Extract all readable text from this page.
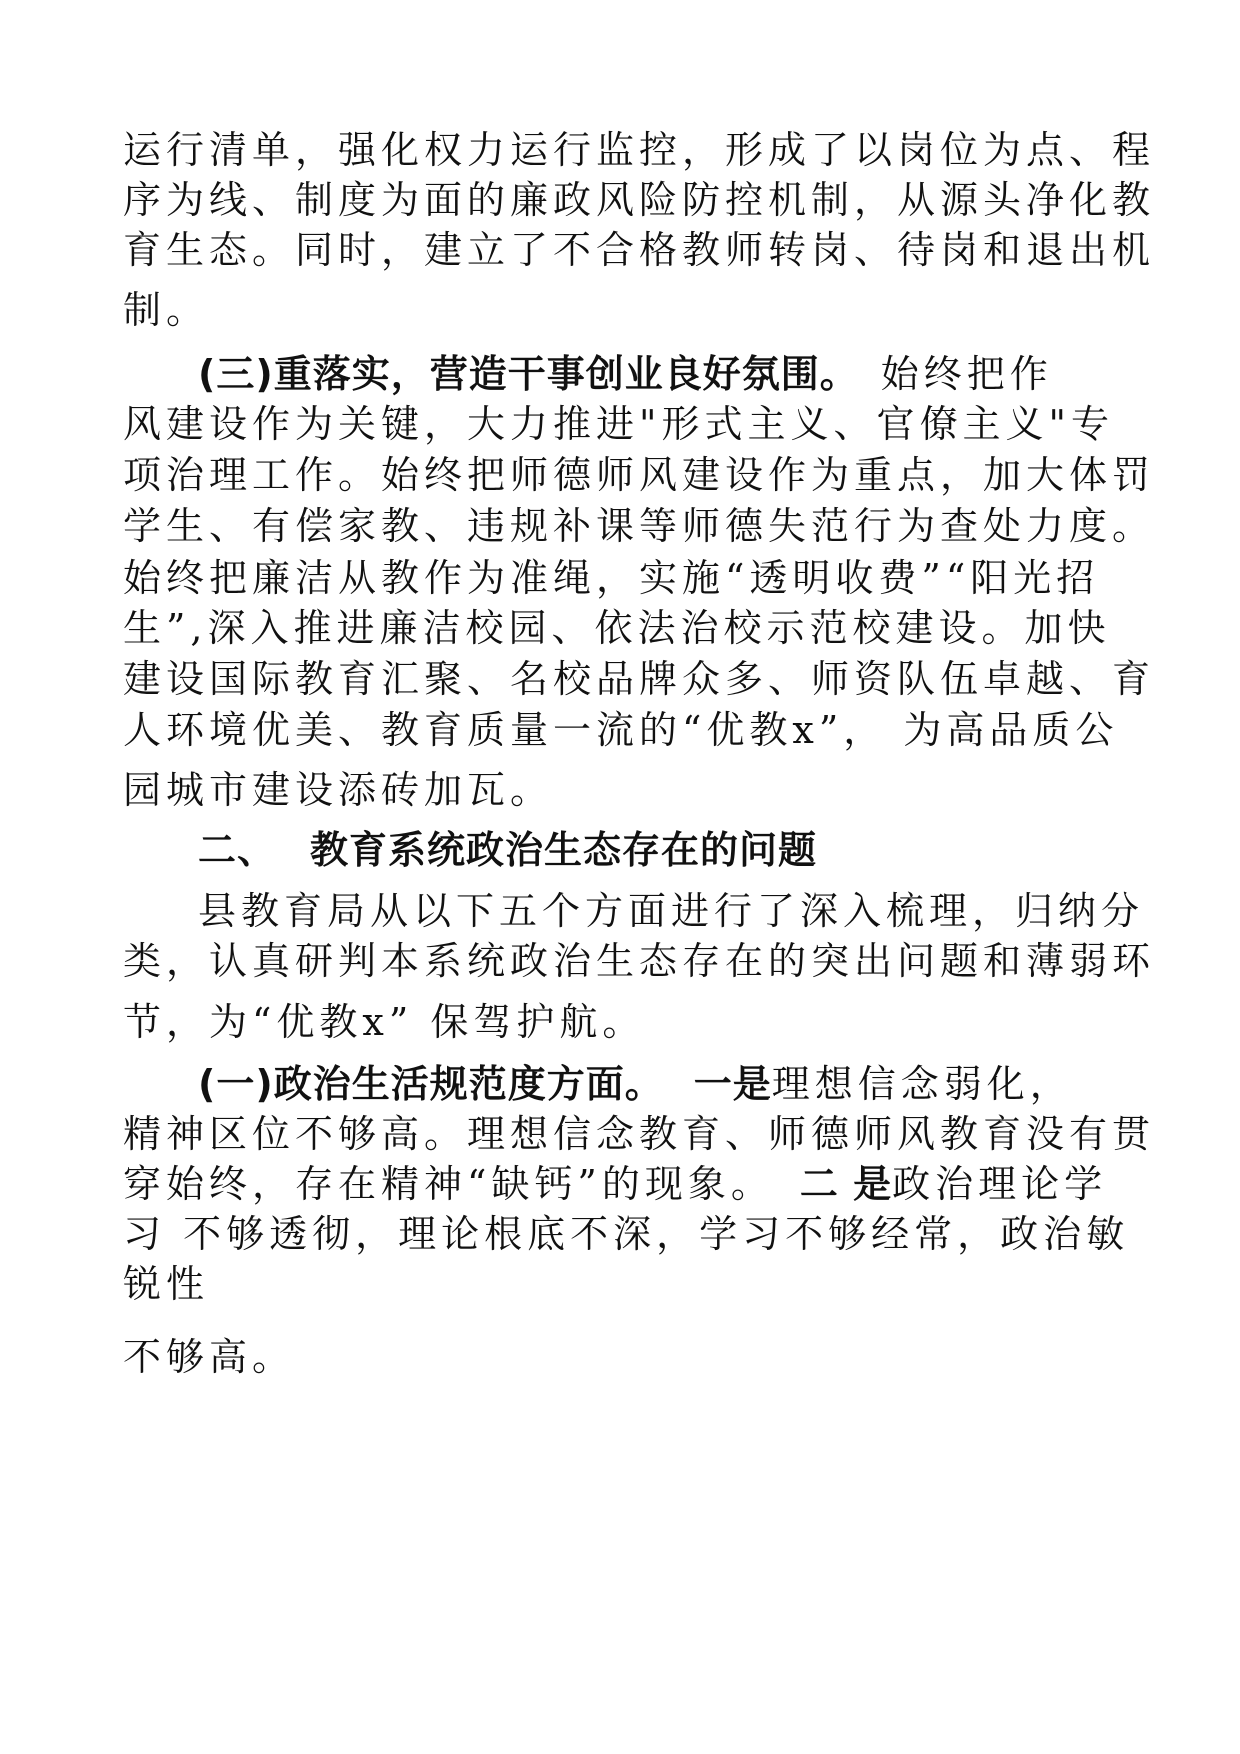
运行清单，强化权力运行监控，形成了以岗位为点、程
序为线、制度为面的廉政风险防控机制，从源头净化教
育生态。同时，建立了不合格教师转岗、待岗和退出机
制。
(三)重落实，营造干事创业良好氛围。 始终把作
风建设作为关键，大力推进"形式主义、官僚主义"专
项治理工作。始终把师德师风建设作为重点，加大体罚
学生、有偿家教、违规补课等师德失范行为查处力度。
始终把廉洁从教作为准绳，实施“透明收费”“阳光招
生”,深入推进廉洁校园、依法治校示范校建设。加快
建设国际教育汇聚、名校品牌众多、师资队伍卓越、育
人环境优美、教育质量一流的“优教x”， 为高品质公
园城市建设添砖加瓦。
二、 教育系统政治生态存在的问题
县教育局从以下五个方面进行了深入梳理，归纳分
类，认真研判本系统政治生态存在的突出问题和薄弱环
节，为“优教x” 保驾护航。
(一)政治生活规范度方面。 一是理想信念弱化，
精神区位不够高。理想信念教育、师德师风教育没有贯
穿始终，存在精神“缺钙”的现象。 二 是政治理论学
习 不够透彻，理论根底不深，学习不够经常，政治敏
锐性
不够高。
